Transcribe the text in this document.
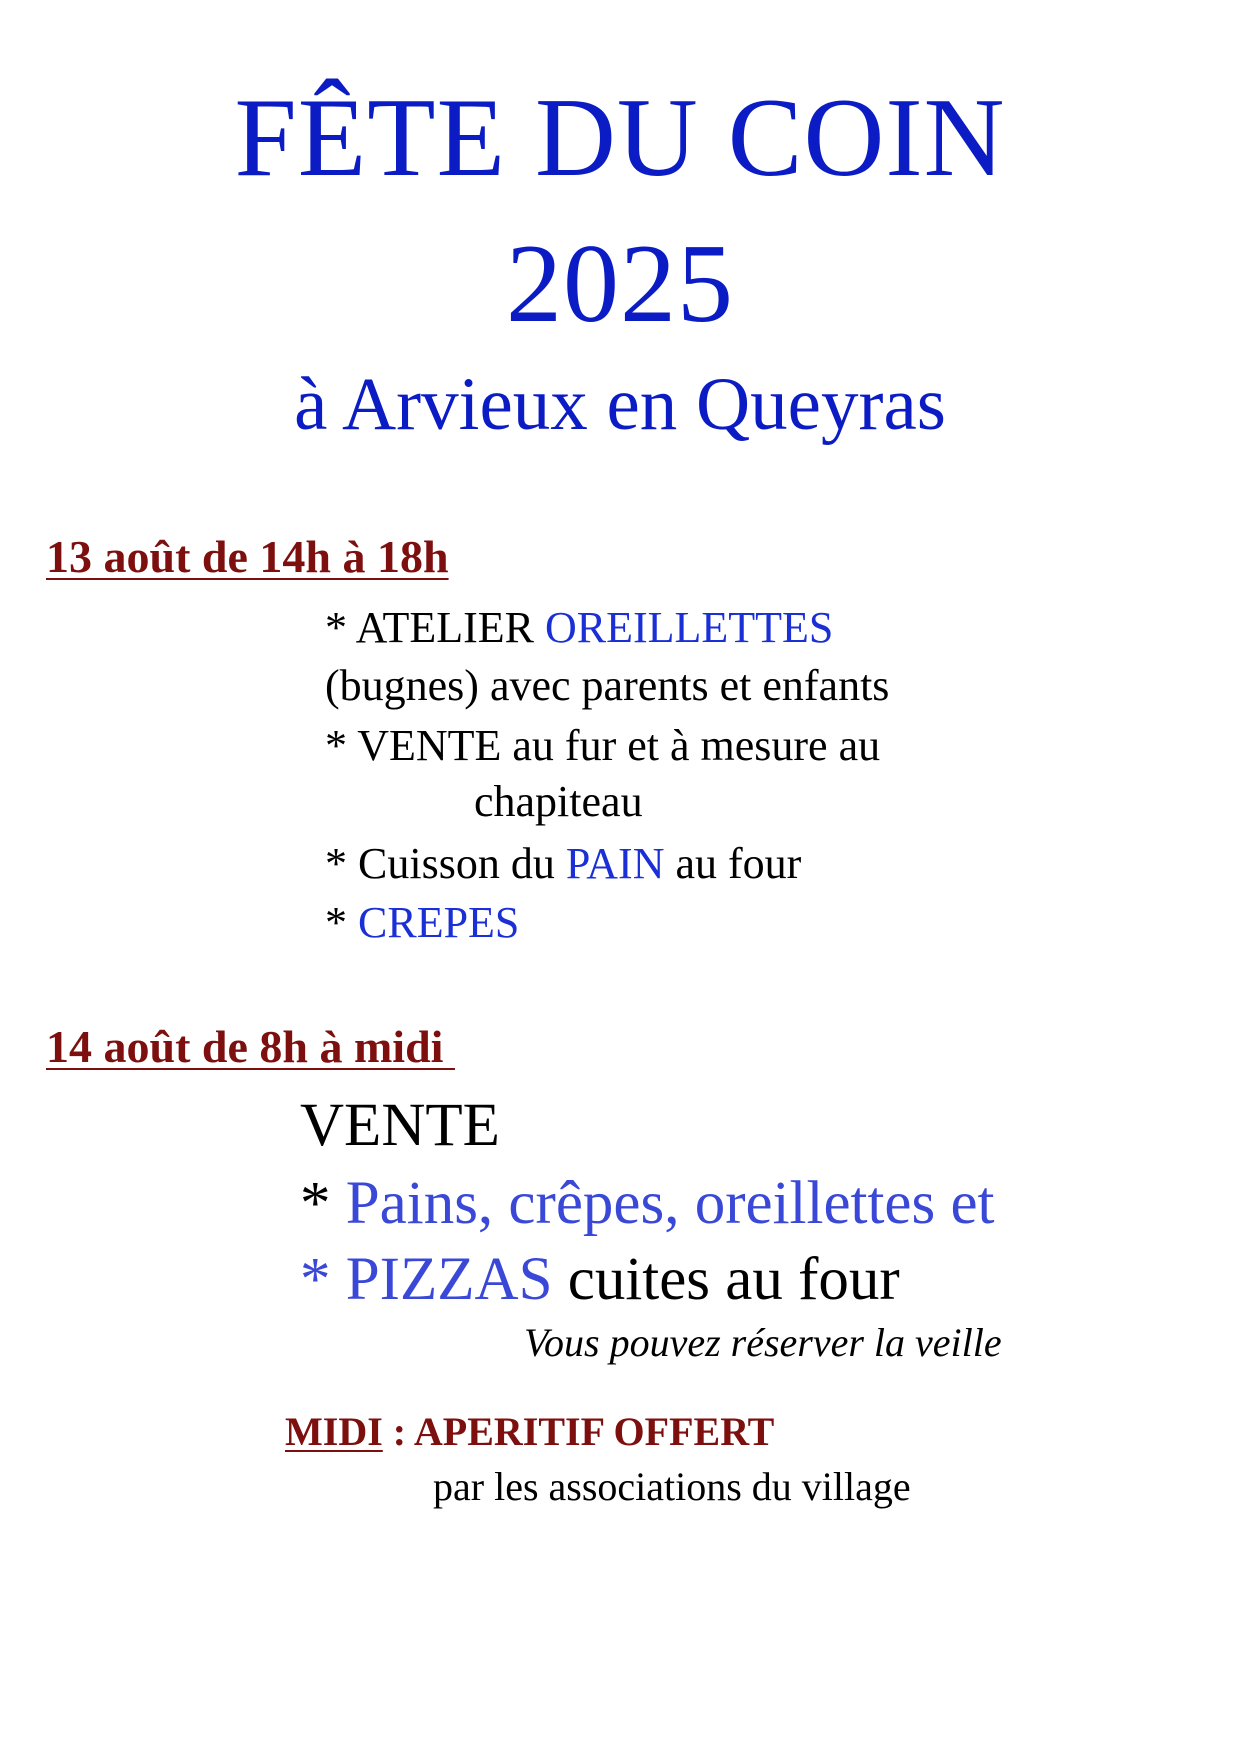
FÊTE DU COIN
2025
à Arvieux en Queyras
13 août de 14h à 18h
* ATELIER OREILLETTES
(bugnes) avec parents et enfants
* VENTE au fur et à mesure au
chapiteau
* Cuisson du PAIN au four
* CREPES
14 août de 8h à midi
VENTE
* Pains, crêpes, oreillettes et
* PIZZAS cuites au four
Vous pouvez réserver la veille
MIDI : APERITIF OFFERT
par les associations du village
